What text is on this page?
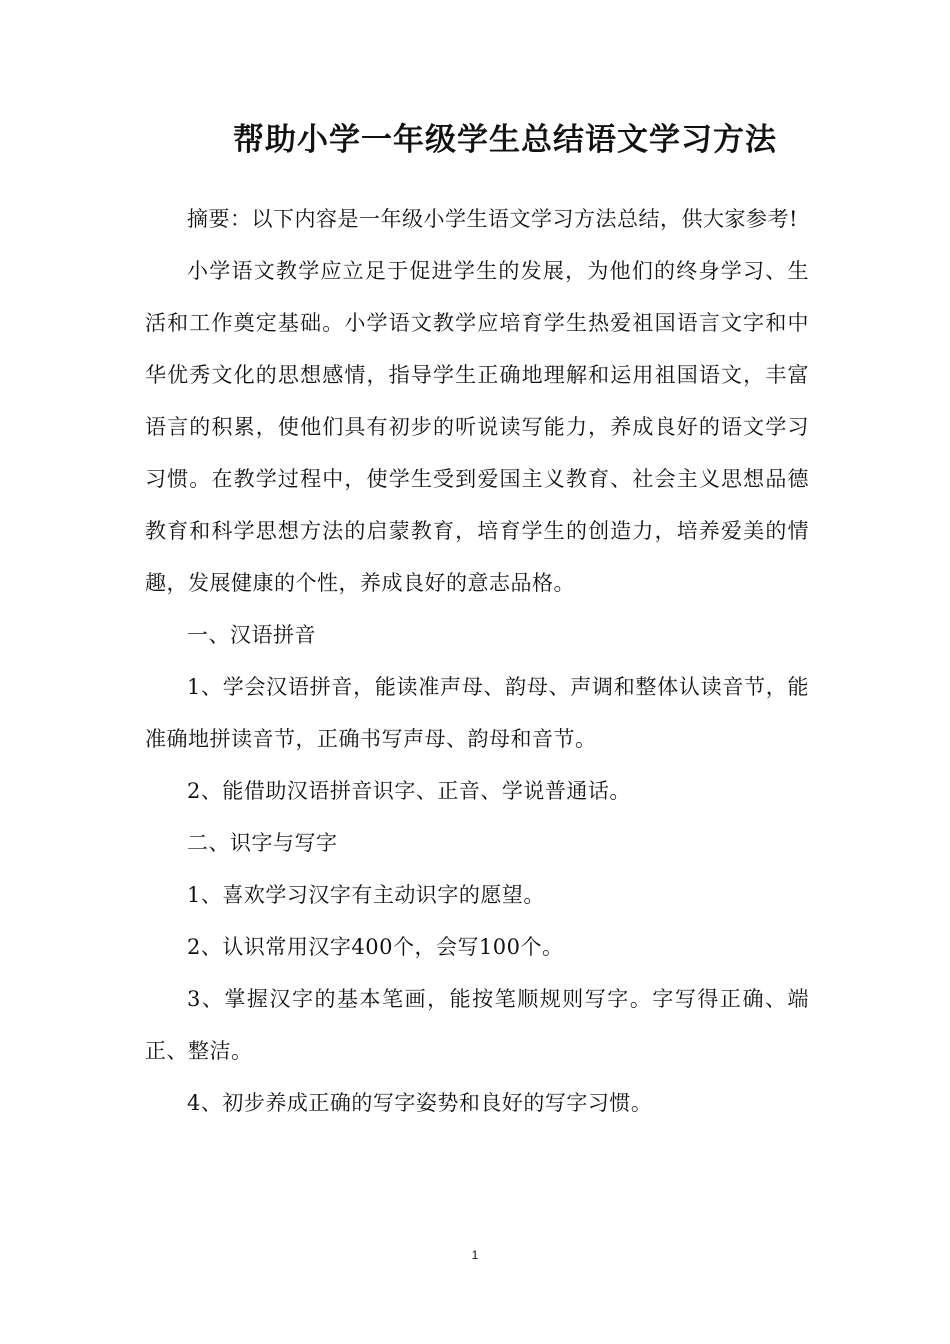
帮助小学一年级学生总结语文学习方法

摘要：以下内容是一年级小学生语文学习方法总结，供大家参考!

小学语文教学应立足于促进学生的发展，为他们的终身学习、生活和工作奠定基础。小学语文教学应培育学生热爱祖国语言文字和中华优秀文化的思想感情，指导学生正确地理解和运用祖国语文，丰富语言的积累，使他们具有初步的听说读写能力，养成良好的语文学习习惯。在教学过程中，使学生受到爱国主义教育、社会主义思想品德教育和科学思想方法的启蒙教育，培育学生的创造力，培养爱美的情趣，发展健康的个性，养成良好的意志品格。

一、汉语拼音

1、学会汉语拼音，能读准声母、韵母、声调和整体认读音节，能准确地拼读音节，正确书写声母、韵母和音节。

2、能借助汉语拼音识字、正音、学说普通话。

二、识字与写字

1、喜欢学习汉字有主动识字的愿望。

2、认识常用汉字400个，会写100个。

3、掌握汉字的基本笔画，能按笔顺规则写字。字写得正确、端正、整洁。

4、初步养成正确的写字姿势和良好的写字习惯。

1
